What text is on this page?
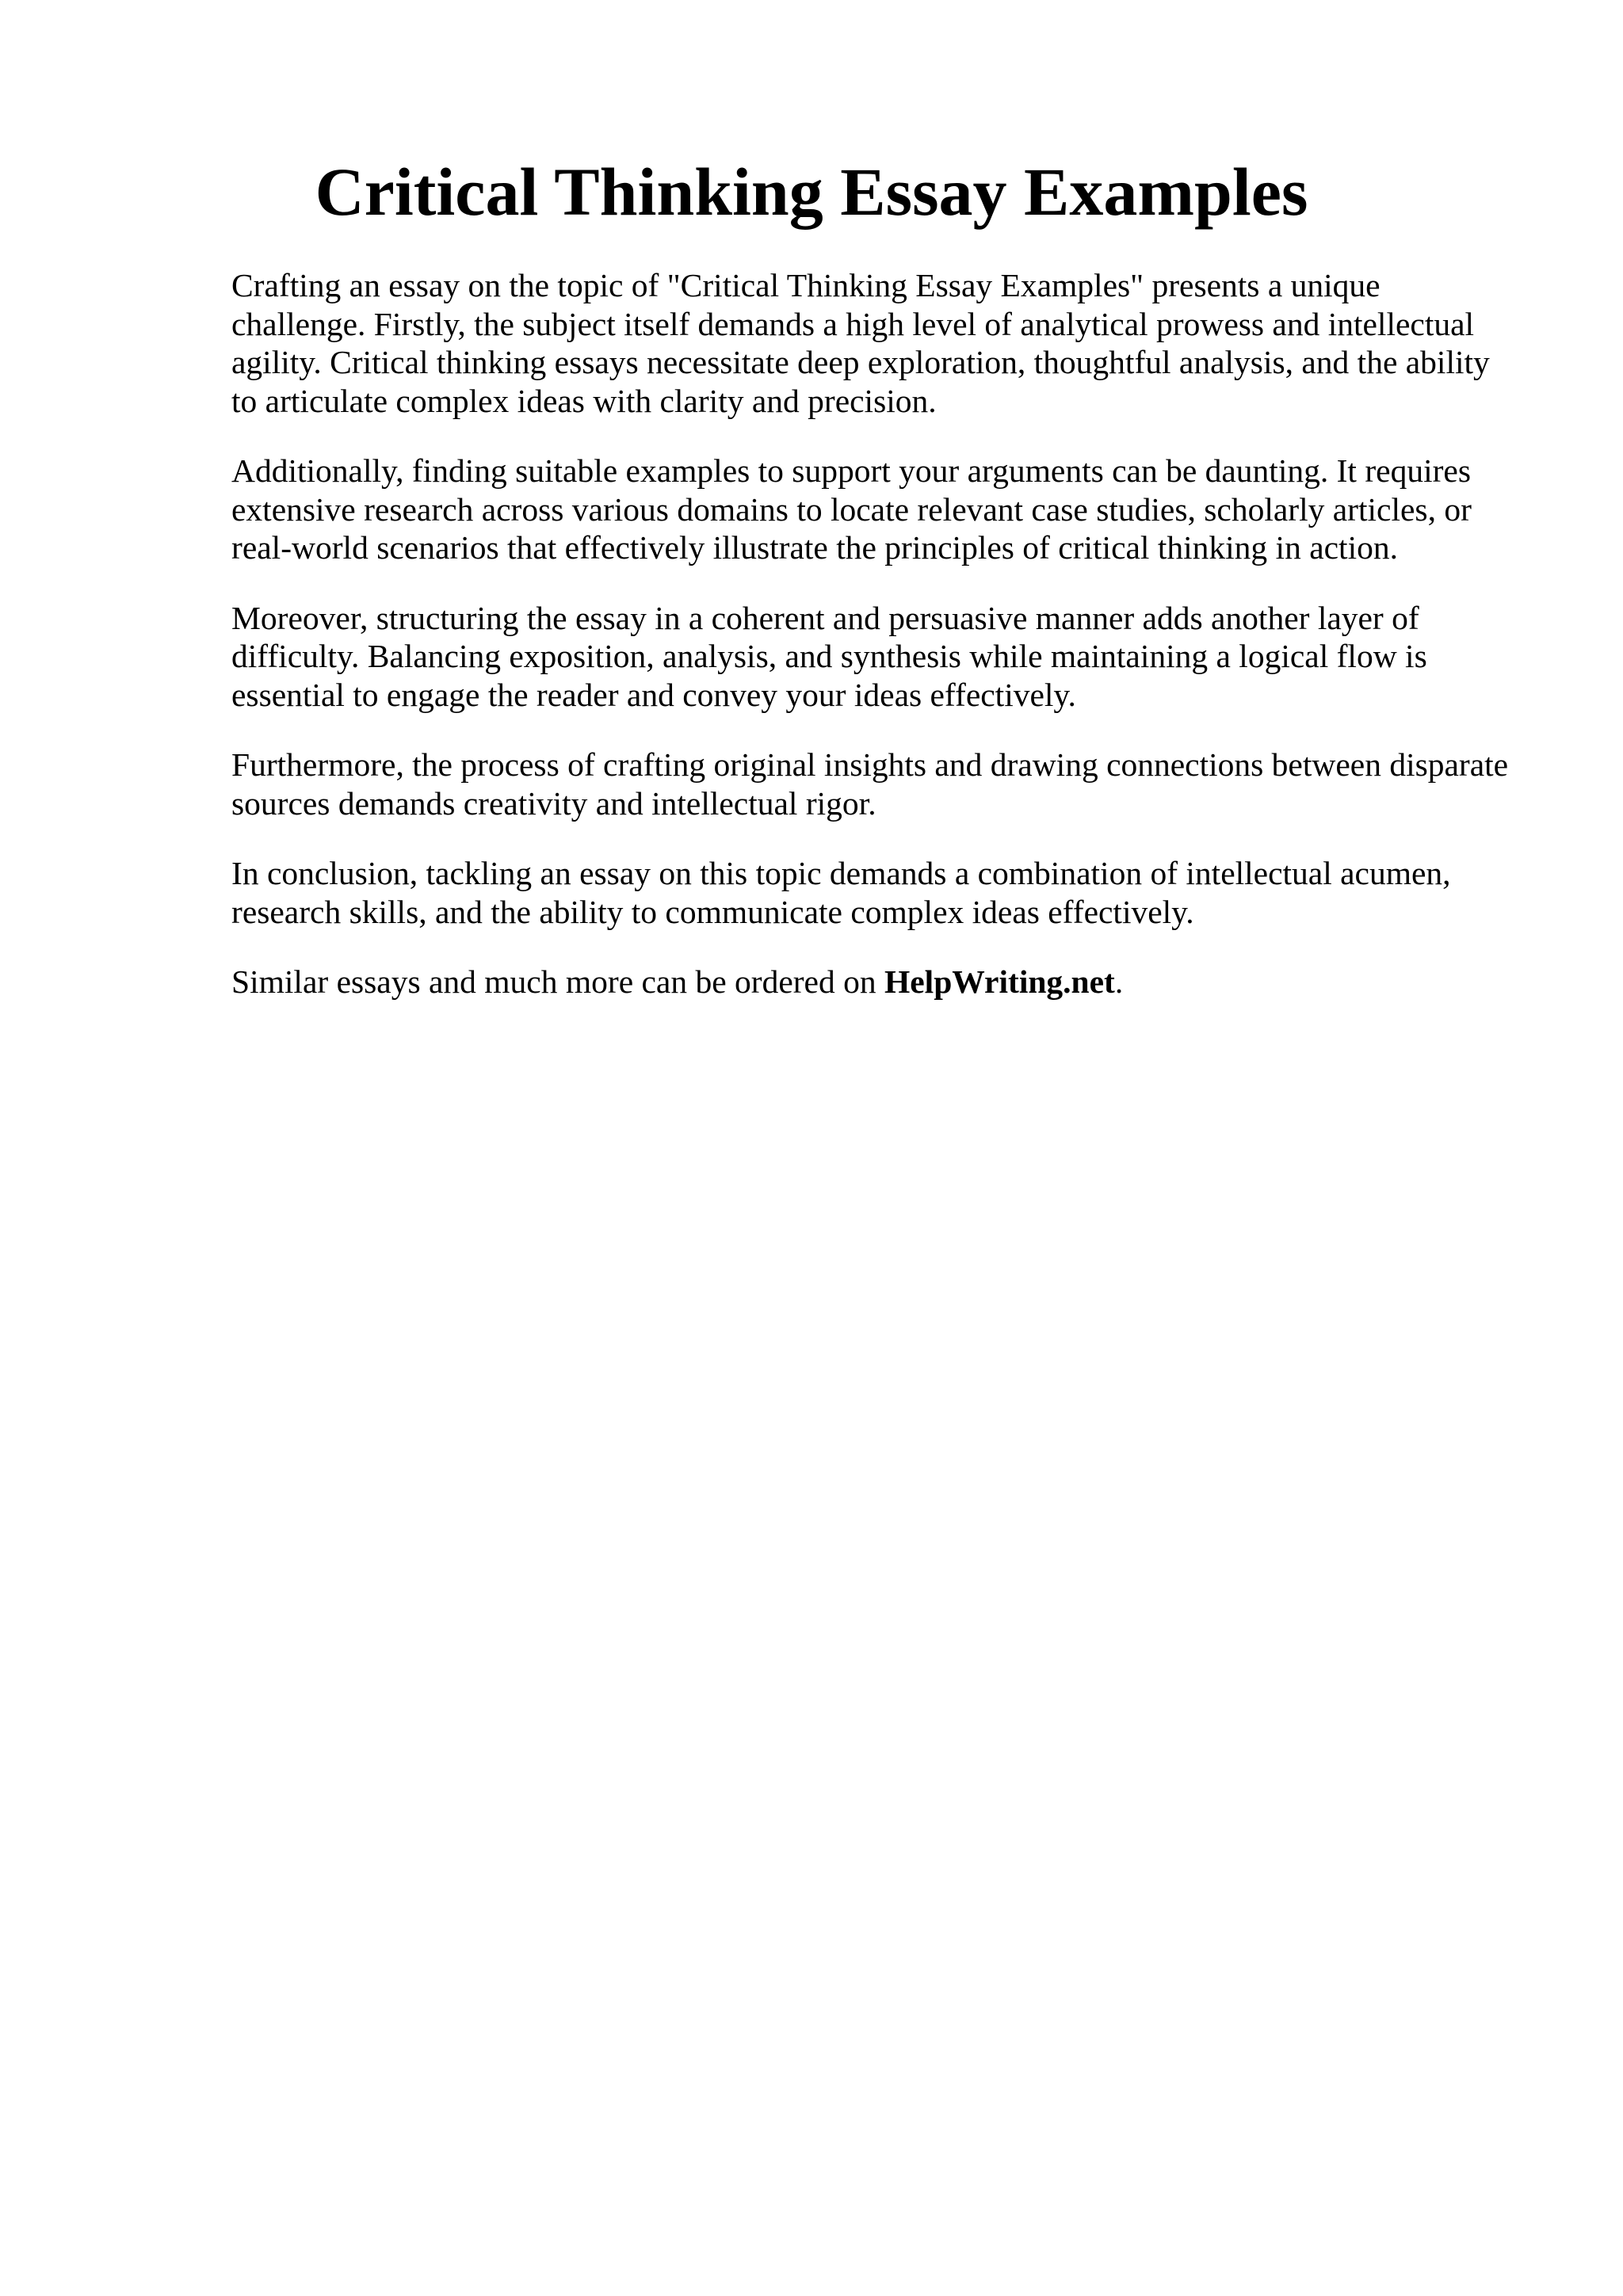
Critical Thinking Essay Examples

Crafting an essay on the topic of "Critical Thinking Essay Examples" presents a unique
challenge. Firstly, the subject itself demands a high level of analytical prowess and intellectual
agility. Critical thinking essays necessitate deep exploration, thoughtful analysis, and the ability
to articulate complex ideas with clarity and precision.

Additionally, finding suitable examples to support your arguments can be daunting. It requires
extensive research across various domains to locate relevant case studies, scholarly articles, or
real-world scenarios that effectively illustrate the principles of critical thinking in action.

Moreover, structuring the essay in a coherent and persuasive manner adds another layer of
difficulty. Balancing exposition, analysis, and synthesis while maintaining a logical flow is
essential to engage the reader and convey your ideas effectively.

Furthermore, the process of crafting original insights and drawing connections between disparate
sources demands creativity and intellectual rigor.

In conclusion, tackling an essay on this topic demands a combination of intellectual acumen,
research skills, and the ability to communicate complex ideas effectively.

Similar essays and much more can be ordered on HelpWriting.net.
